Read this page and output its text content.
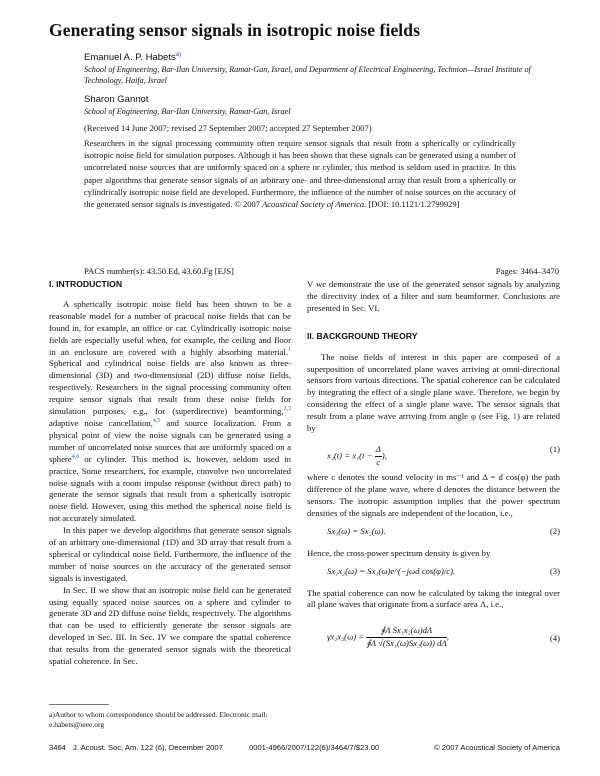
Generating sensor signals in isotropic noise fields
Emanuel A. P. Habets$^{a)}$
School of Engineering, Bar-Ilan University, Ramat-Gan, Israel, and Department of Electrical Engineering, Technion—Israel Institute of Technology, Haifa, Israel
Sharon Gannot
School of Engineering, Bar-Ilan University, Ramat-Gan, Israel
(Received 14 June 2007; revised 27 September 2007; accepted 27 September 2007)
Researchers in the signal processing community often require sensor signals that result from a spherically or cylindrically isotropic noise field for simulation purposes. Although it has been shown that these signals can be generated using a number of uncorrelated noise sources that are uniformly spaced on a sphere or cylinder, this method is seldom used in practice. In this paper algorithms that generate sensor signals of an arbitrary one- and three-dimensional array that result from a spherically or cylindrically isotropic noise field are developed. Furthermore, the influence of the number of noise sources on the accuracy of the generated sensor signals is investigated. © 2007 Acoustical Society of America. [DOI: 10.1121/1.2799929]
PACS number(s): 43.50.Ed, 43.60.Fg [EJS]	Pages: 3464–3470
I. INTRODUCTION

A spherically isotropic noise field has been shown to be a reasonable model for a number of practical noise fields that can be found in, for example, an office or car. Cylindrically isotropic noise fields are especially useful when, for example, the ceiling and floor in an enclosure are covered with a highly absorbing material.$^1$ Spherical and cylindrical noise fields are also known as three-dimensional (3D) and two-dimensional (2D) diffuse noise fields, respectively. Researchers in the signal processing community often require sensor signals that result from these noise fields for simulation purposes, e.g., for (superdirective) beamforming,$^{2,3}$ adaptive noise cancellation,$^{4,5}$ and source localization. From a physical point of view the noise signals can be generated using a number of uncorrelated noise sources that are uniformly spaced on a sphere$^{4,6}$ or cylinder. This method is, however, seldom used in practice. Some researchers, for example, convolve two uncorrelated noise signals with a room impulse response (without direct path) to generate the sensor signals that result from a spherically isotropic noise field. However, using this method the spherical noise field is not accurately simulated.

In this paper we develop algorithms that generate sensor signals of an arbitrary one-dimensional (1D) and 3D array that result from a spherical or cylindrical noise field. Furthermore, the influence of the number of noise sources on the accuracy of the generated sensor signals is investigated.

In Sec. II we show that an isotropic noise field can be generated using equally spaced noise sources on a sphere and cylinder to generate 3D and 2D diffuse noise fields, respectively. The algorithms that can be used to efficiently generate the sensor signals are developed in Sec. III. In Sec. IV we compare the spatial coherence that results from the generated sensor signals with the theoretical spatial coherence. In Sec.

V we demonstrate the use of the generated sensor signals by analyzing the directivity index of a filter and sum beamformer. Conclusions are presented in Sec. VI.

II. BACKGROUND THEORY

The noise fields of interest in this paper are composed of a superposition of uncorrelated plane waves arriving at omni-directional sensors from various directions. The spatial coherence can be calculated by integrating the effect of a single plane wave. Therefore, we begin by considering the effect of a single plane wave. The sensor signals that result from a plane wave arriving from angle φ (see Fig. 1) are related by

$x_2(t) = x_1(t - \frac{\Delta}{c}$ ),
(1)

where c denotes the sound velocity in ms⁻¹ and Δ = d cos(φ) the path difference of the plane wave, where d denotes the distance between the sensors. The isotropic assumption implies that the power spectrum densities of the signals are independent of the location, i.e.,

Sx₁(ω) = Sx₂(ω).	(2)

Hence, the cross-power spectrum density is given by

Sx₁x₂(ω) = Sx₁(ω)e^(−jωd cos(φ)/c).	(3)

The spatial coherence can now be calculated by taking the integral over all plane waves that originate from a surface area Λ, i.e.,

$\gamma x_1x_2(\omega) = \frac{\text{∮Λ Sx₁x₂(ω)dΛ}}{\text{∮Λ √(Sx₁(ω)Sx₂(ω)) dΛ}}$ ,	(4)
a)Author to whom correspondence should be addressed. Electronic mail: e.habets@ieee.org
3464 J. Acoust. Soc. Am. 122 (6), December 2007	0001-4966/2007/122(6)/3464/7/$23.00	© 2007 Acoustical Society of America
